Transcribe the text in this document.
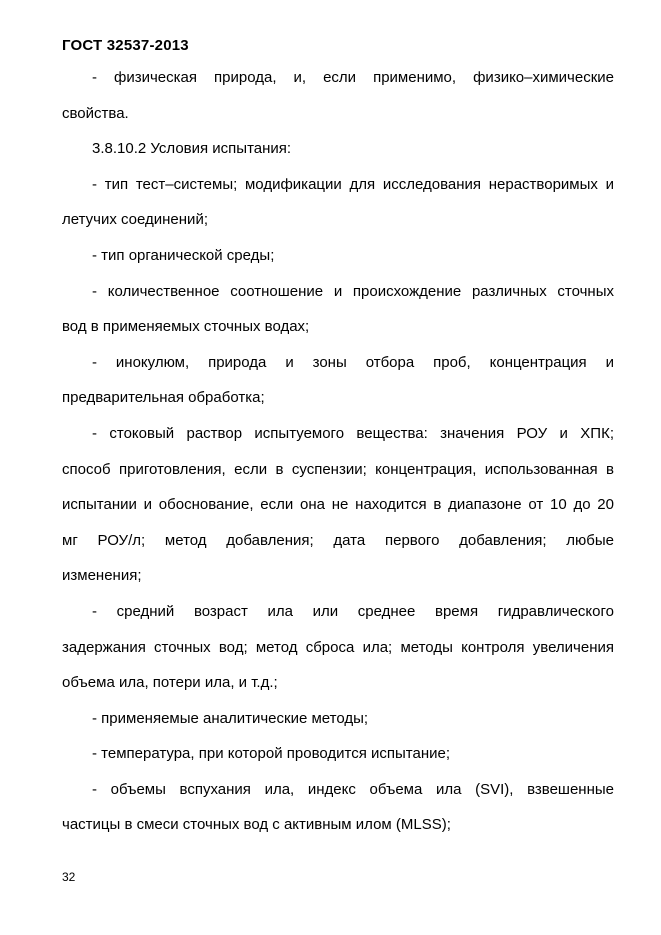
ГОСТ 32537-2013
- физическая природа, и, если применимо, физико–химические
свойства.
3.8.10.2 Условия испытания:
- тип тест–системы; модификации для исследования нерастворимых и
летучих соединений;
- тип органической среды;
- количественное соотношение и происхождение различных сточных
вод в применяемых сточных водах;
- инокулюм, природа и зоны отбора проб, концентрация и
предварительная обработка;
- стоковый раствор испытуемого вещества: значения РОУ и ХПК;
способ приготовления, если в суспензии; концентрация, использованная в
испытании и обоснование, если она не находится в диапазоне от 10 до 20
мг РОУ/л; метод добавления; дата первого добавления; любые
изменения;
- средний возраст ила или среднее время гидравлического
задержания сточных вод; метод сброса ила; методы контроля увеличения
объема ила, потери ила, и т.д.;
- применяемые аналитические методы;
- температура, при которой проводится испытание;
- объемы вспухания ила, индекс объема ила (SVI), взвешенные
частицы в смеси сточных вод с активным илом (MLSS);
32
